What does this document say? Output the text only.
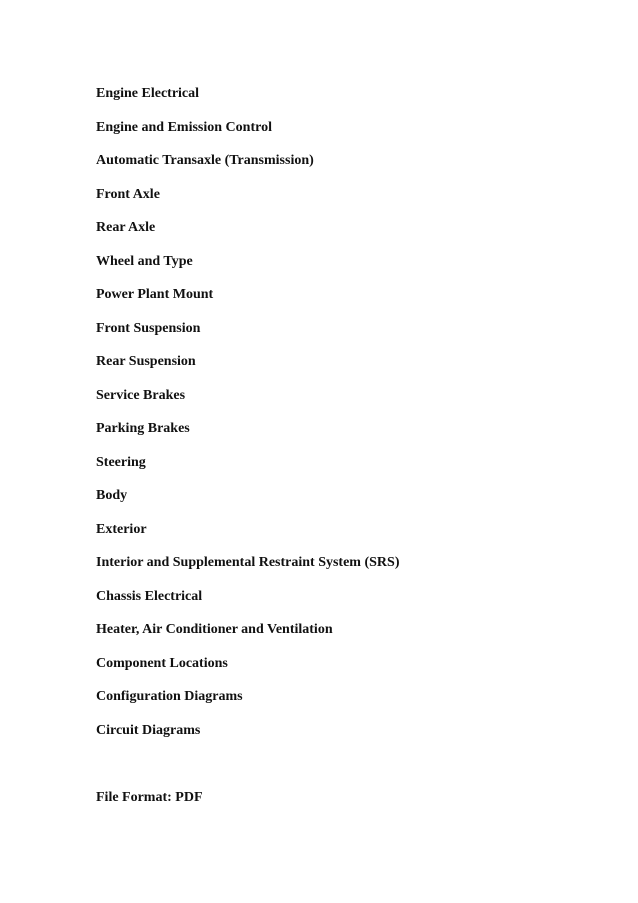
Engine Electrical
Engine and Emission Control
Automatic Transaxle (Transmission)
Front Axle
Rear Axle
Wheel and Type
Power Plant Mount
Front Suspension
Rear Suspension
Service Brakes
Parking Brakes
Steering
Body
Exterior
Interior and Supplemental Restraint System (SRS)
Chassis Electrical
Heater, Air Conditioner and Ventilation
Component Locations
Configuration Diagrams
Circuit Diagrams
File Format: PDF
